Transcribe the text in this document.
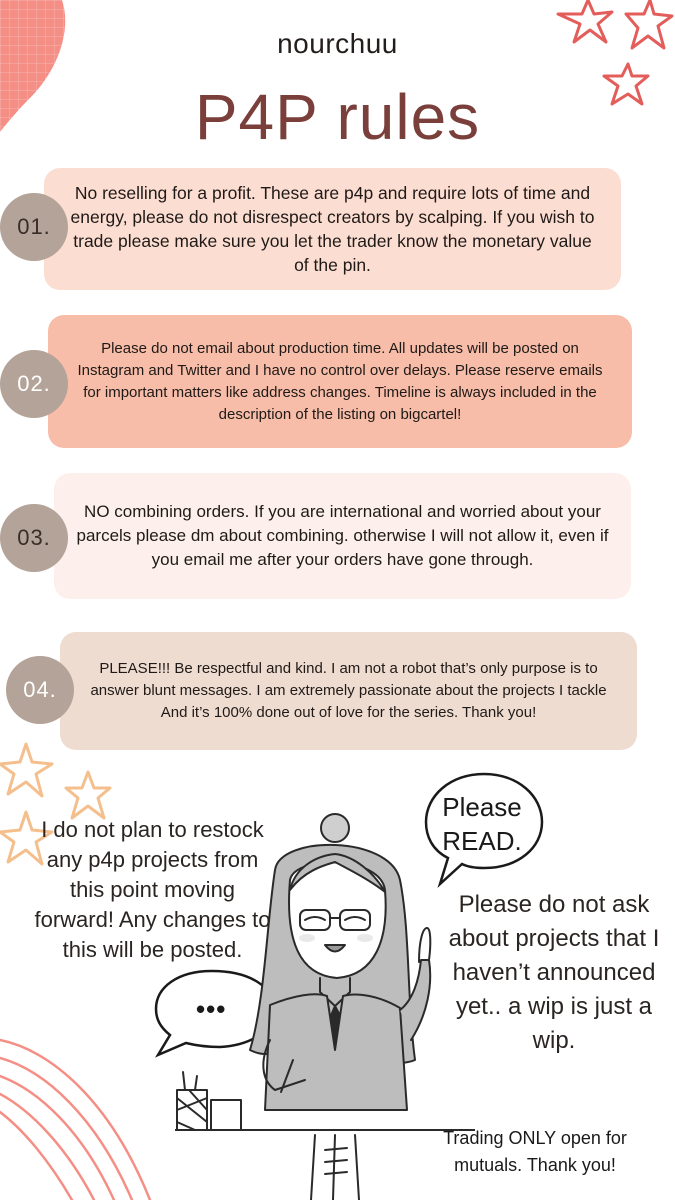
nourchuu
P4P rules

No reselling for a profit. These are p4p and require lots of time and energy, please do not disrespect creators by scalping. If you wish to trade please make sure you let the trader know the monetary value of the pin.

01.

Please do not email about production time. All updates will be posted on Instagram and Twitter and I have no control over delays. Please reserve emails for important matters like address changes. Timeline is always included in the description of the listing on bigcartel!

02.

NO combining orders. If you are international and worried about your parcels please dm about combining. otherwise I will not allow it, even if you email me after your orders have gone through.

03.

PLEASE!!! Be respectful and kind. I am not a robot that’s only purpose is to answer blunt messages. I am extremely passionate about the projects I tackle And it’s 100% done out of love for the series. Thank you!

04.
Please READ.
•••
I do not plan to restock any p4p projects from this point moving forward! Any changes to this will be posted.
Please do not ask about projects that I haven’t announced yet.. a wip is just a wip.
Trading ONLY open for mutuals. Thank you!
